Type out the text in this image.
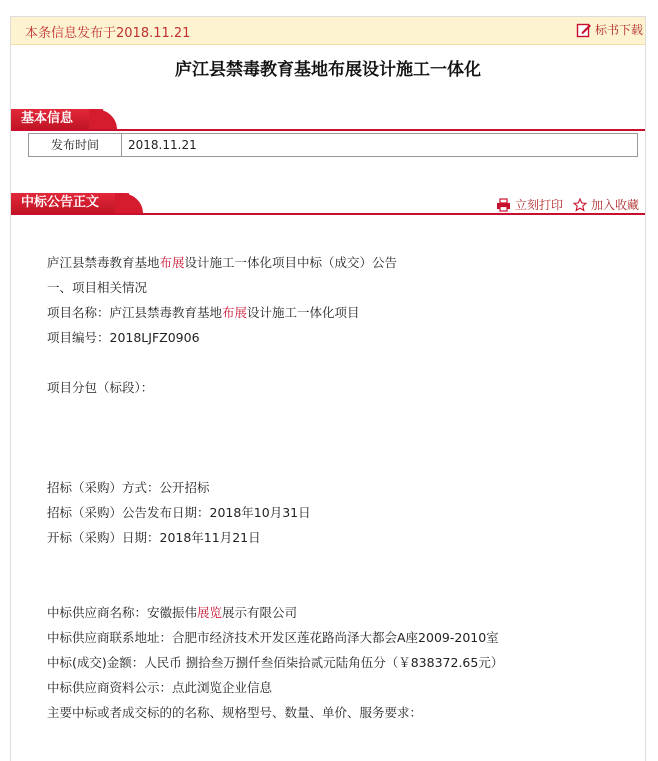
本条信息发布于2018.11.21	标书下载
庐江县禁毒教育基地布展设计施工一体化
基本信息
发布时间	2018.11.21
中标公告正文	立刻打印 加入收藏
庐江县禁毒教育基地布展设计施工一体化项目中标（成交）公告
一、项目相关情况
项目名称：庐江县禁毒教育基地布展设计施工一体化项目
项目编号：2018LJFZ0906
项目分包（标段）：
招标（采购）方式：公开招标
招标（采购）公告发布日期：2018年10月31日
开标（采购）日期：2018年11月21日
中标供应商名称：安徽振伟展览展示有限公司
中标供应商联系地址：合肥市经济技术开发区莲花路尚泽大都会A座2009-2010室
中标(成交)金额：人民币 捌拾叁万捌仟叁佰柒拾贰元陆角伍分（￥838372.65元）
中标供应商资料公示：点此浏览企业信息
主要中标或者成交标的的名称、规格型号、数量、单价、服务要求：
